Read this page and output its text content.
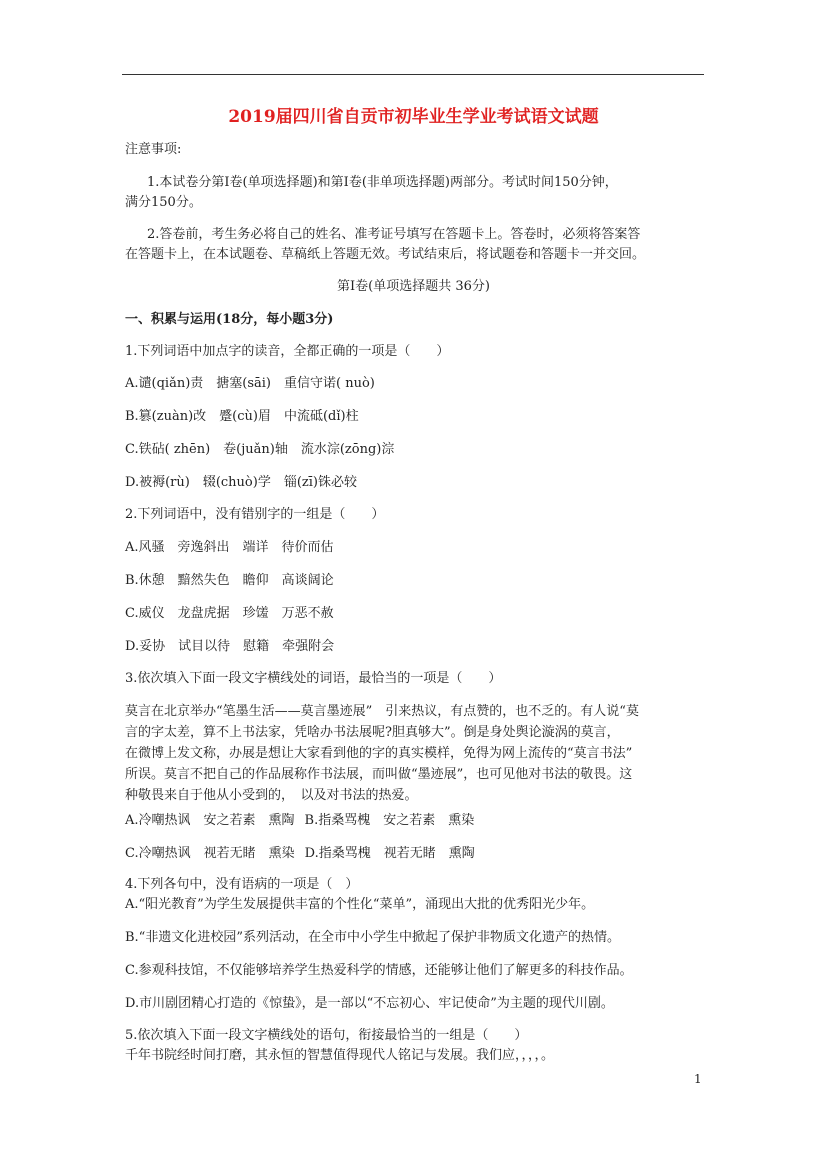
2019届四川省自贡市初毕业生学业考试语文试题
注意事项:
1.本试卷分第Ⅰ卷(单项选择题)和第Ⅰ卷(非单项选择题)两部分。考试时间150分钟，
满分150分。
2.答卷前，考生务必将自己的姓名、准考证号填写在答题卡上。答卷时，必须将答案答
在答题卡上，在本试题卷、草稿纸上答题无效。考试结束后，将试题卷和答题卡一并交回。
第Ⅰ卷(单项选择题共 36分)
一、积累与运用(18分，每小题3分)
1.下列词语中加点字的读音，全都正确的一项是（　　）
A.谴(qiǎn)责　搪塞(sāi)　重信守诺( nuò)
B.篡(zuàn)改　蹙(cù)眉　中流砥(dǐ)柱
C.铁砧( zhēn)　卷(juǎn)轴　流水淙(zōng)淙
D.被褥(rù)　辍(chuò)学　锱(zī)铢必较
2.下列词语中，没有错别字的一组是（　　）
A.风骚　旁逸斜出　端详　待价而估
B.休憩　黯然失色　瞻仰　高谈阔论
C.威仪　龙盘虎据　珍馐　万恶不赦
D.妥协　试目以待　慰籍　牵强附会
3.依次填入下面一段文字横线处的词语，最恰当的一项是（　　）
莫言在北京举办“笔墨生活——莫言墨迹展”　引来热议，有点赞的，也不乏的。有人说“莫
言的字太差，算不上书法家，凭啥办书法展呢?胆真够大”。倒是身处舆论漩涡的莫言，
在微博上发文称，办展是想让大家看到他的字的真实模样，免得为网上流传的“莫言书法”
所误。莫言不把自己的作品展称作书法展，而叫做“墨迹展”，也可见他对书法的敬畏。这
种敬畏来自于他从小受到的，　以及对书法的热爱。
A.冷嘲热讽　安之若素　熏陶 B.指桑骂槐　安之若素　熏染
C.冷嘲热讽　视若无睹　熏染 D.指桑骂槐　视若无睹　熏陶
4.下列各句中，没有语病的一项是（　）
A.“阳光教育”为学生发展提供丰富的个性化“菜单”，涌现出大批的优秀阳光少年。
B.“非遗文化进校园”系列活动，在全市中小学生中掀起了保护非物质文化遗产的热情。
C.参观科技馆，不仅能够培养学生热爱科学的情感，还能够让他们了解更多的科技作品。
D.市川剧团精心打造的《惊蛰》，是一部以“不忘初心、牢记使命”为主题的现代川剧。
5.依次填入下面一段文字横线处的语句，衔接最恰当的一组是（　　）
千年书院经时间打磨，其永恒的智慧值得现代人铭记与发展。我们应，，，，。
1
